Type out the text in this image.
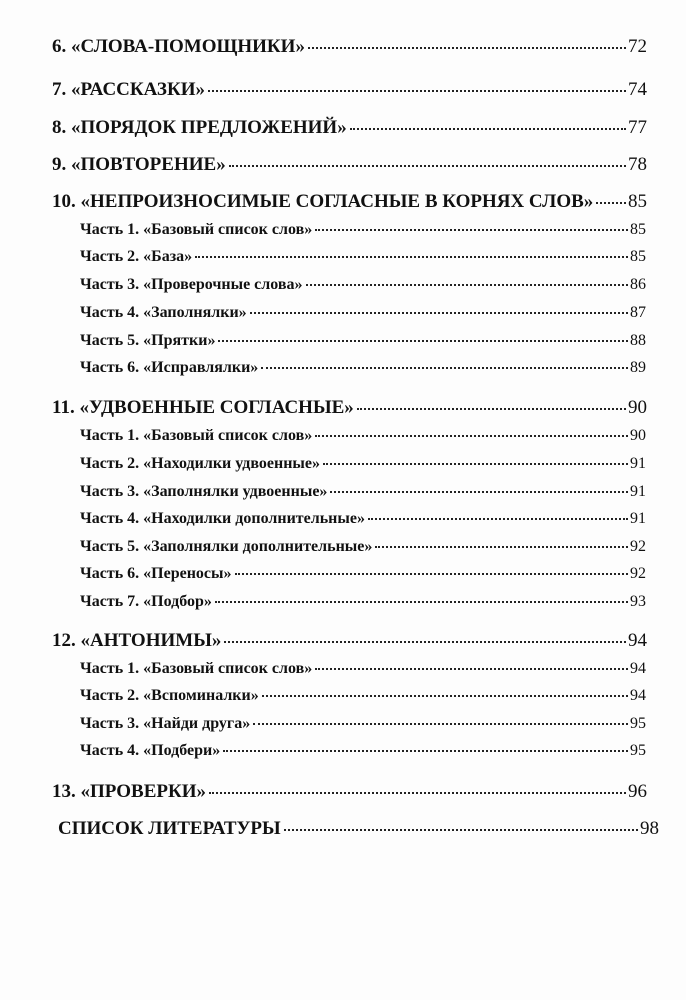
6. «СЛОВА-ПОМОЩНИКИ»	72
7. «РАССКАЗКИ»	74
8. «ПОРЯДОК ПРЕДЛОЖЕНИЙ»	77
9. «ПОВТОРЕНИЕ»	78
10. «НЕПРОИЗНОСИМЫЕ СОГЛАСНЫЕ В КОРНЯХ СЛОВ» 85
Часть 1. «Базовый список слов»	85
Часть 2. «База»	85
Часть 3. «Проверочные слова»	86
Часть 4. «Заполнялки»	87
Часть 5. «Прятки»	88
Часть 6. «Исправлялки»	89
11. «УДВОЕННЫЕ СОГЛАСНЫЕ»	90
Часть 1. «Базовый список слов»	90
Часть 2. «Находилки удвоенные»	91
Часть 3. «Заполнялки удвоенные»	91
Часть 4. «Находилки дополнительные»	91
Часть 5. «Заполнялки дополнительные»	92
Часть 6. «Переносы»	92
Часть 7. «Подбор»	93
12. «АНТОНИМЫ»	94
Часть 1. «Базовый список слов»	94
Часть 2. «Вспоминалки»	94
Часть 3. «Найди друга»	95
Часть 4. «Подбери»	95
13. «ПРОВЕРКИ»	96
СПИСОК ЛИТЕРАТУРЫ	98
